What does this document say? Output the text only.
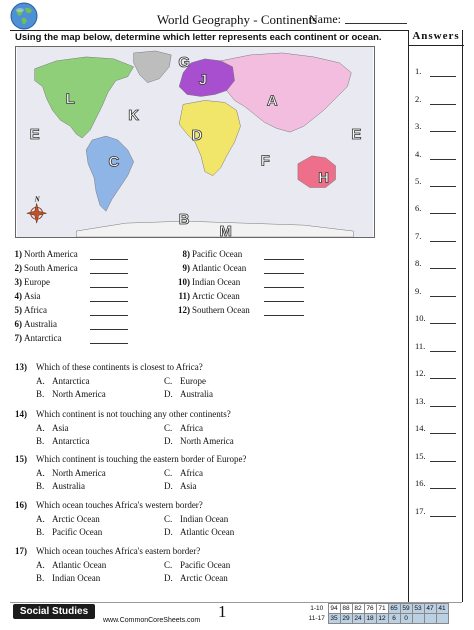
World Geography - Continents
Name:
Using the map below, determine which letter represents each continent or ocean.	Answers
1.
2.
3.
4.
5.
6.
7.
8.
9.
10.
11.
12.
13.
14.
15.
16.
17.
N
G
J
L	A
K
D
E	E
C	F
H
B
M
1) North America
2) South America
3) Europe
4) Asia
5) Africa
6) Australia
7) Antarctica
8) Pacific Ocean
9) Atlantic Ocean
10) Indian Ocean
11) Arctic Ocean
12) Southern Ocean
13) Which of these continents is closest to Africa?
A. Antarctica	C. Europe
B. North America	D. Australia
14) Which continent is not touching any other continents?
A. Asia	C. Africa
B. Antarctica	D. North America
15) Which continent is touching the eastern border of Europe?
A. North America	C. Africa
B. Australia	D. Asia
16) Which ocean touches Africa's western border?
A. Arctic Ocean	C. Indian Ocean
B. Pacific Ocean	D. Atlantic Ocean
17) Which ocean touches Africa's eastern border?
A. Atlantic Ocean	C. Pacific Ocean
B. Indian Ocean	D. Arctic Ocean
Social Studies
www.CommonCoreSheets.com 1	1-10	94	88	82	76	71	65	59	53	47	41
11-17	35	29	24	18	12	6	0			
